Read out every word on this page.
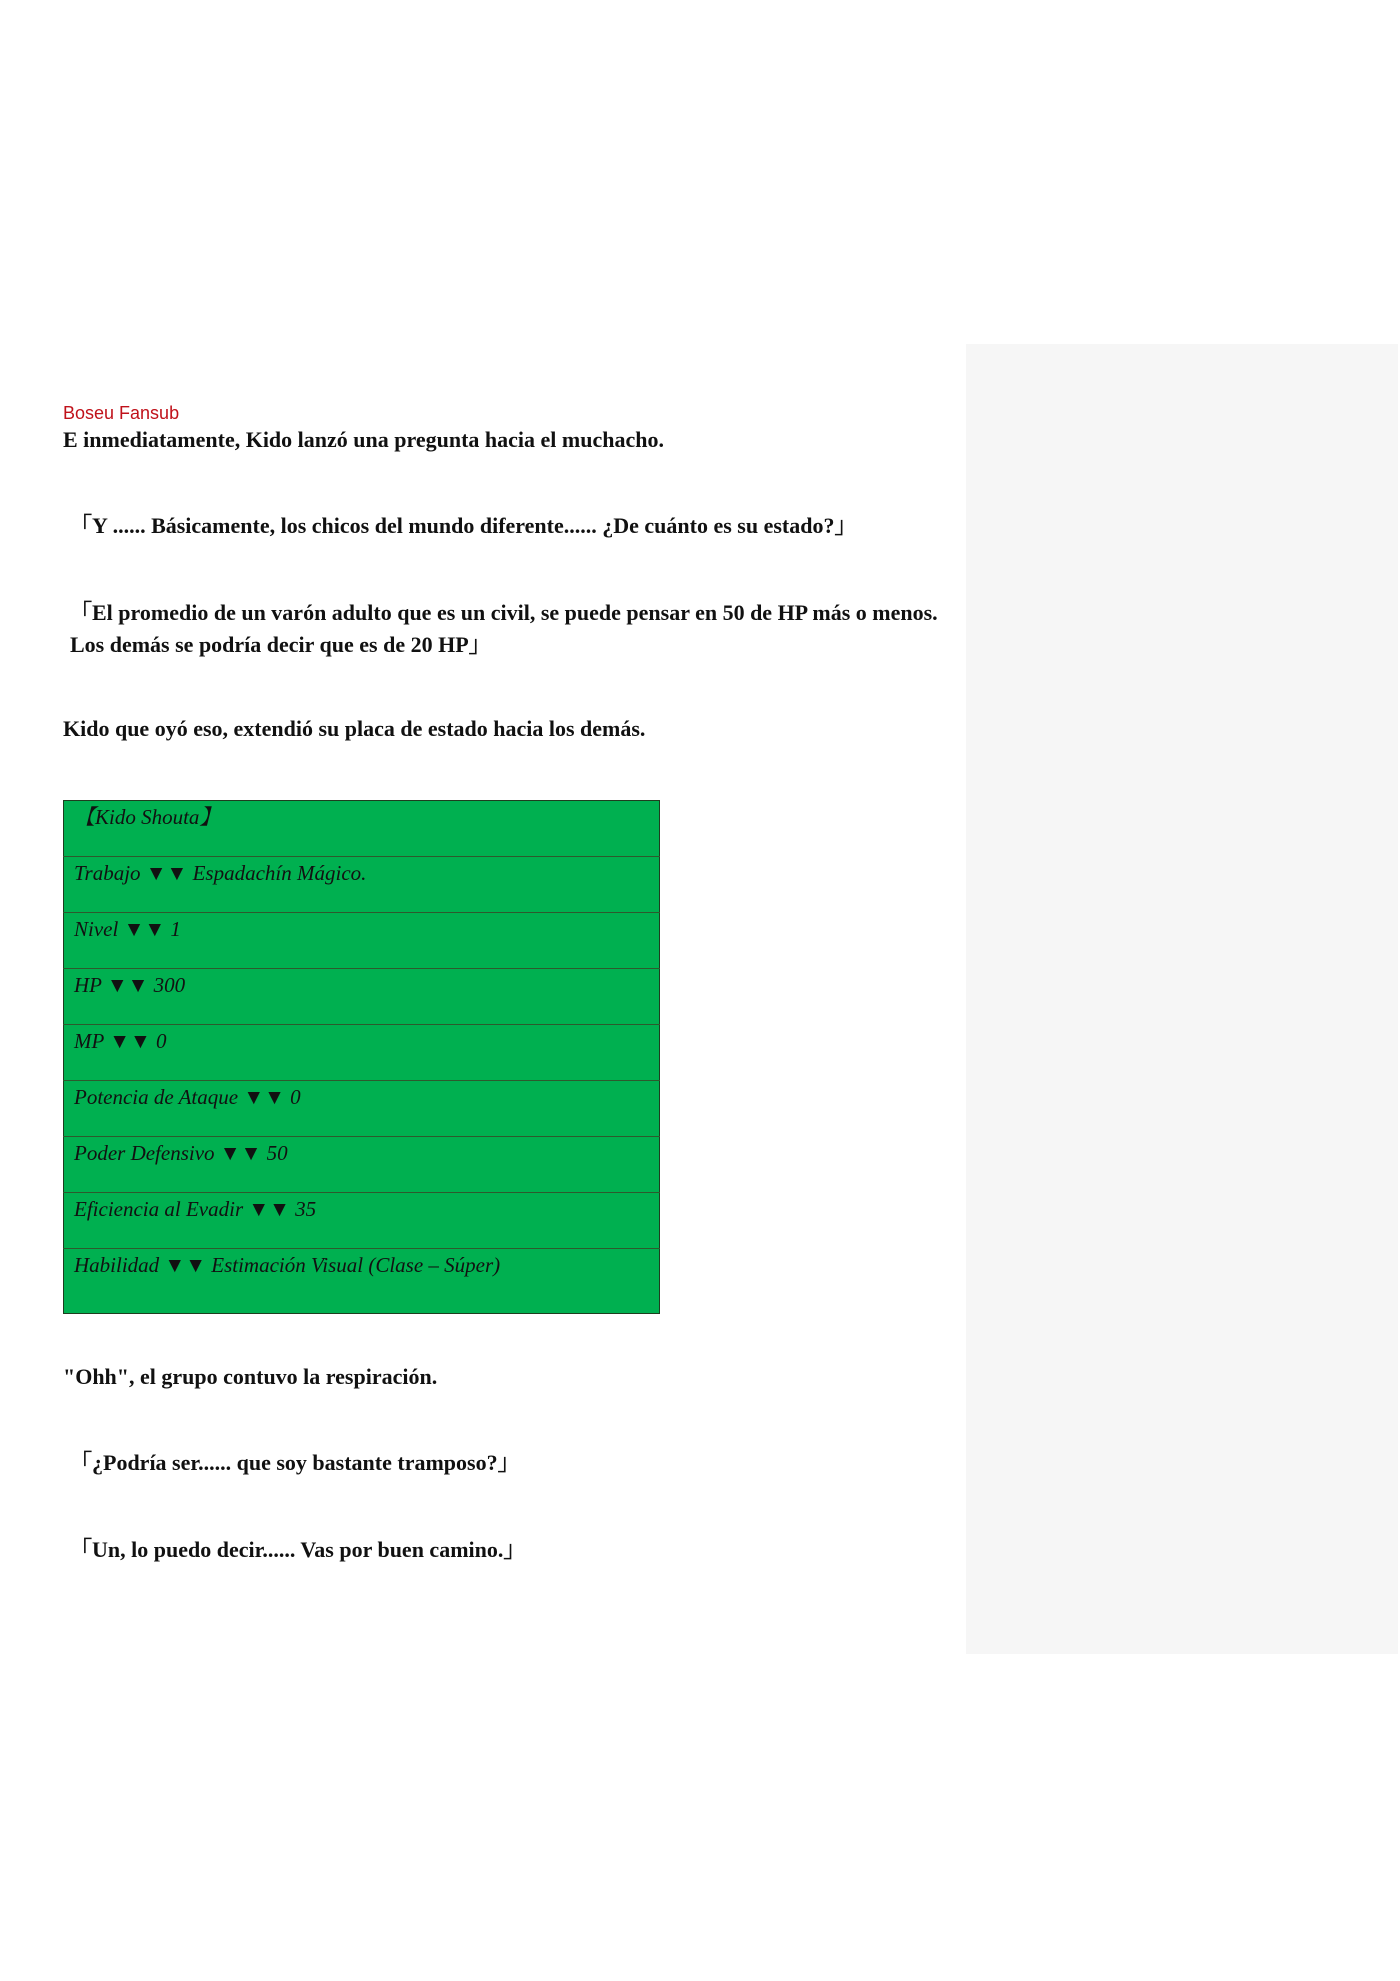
Boseu Fansub

E inmediatamente, Kido lanzó una pregunta hacia el muchacho.

「Y ...... Básicamente, los chicos del mundo diferente...... ¿De cuánto es su estado?」

「El promedio de un varón adulto que es un civil, se puede pensar en 50 de HP más o menos. Los demás se podría decir que es de 20 HP」

Kido que oyó eso, extendió su placa de estado hacia los demás.

【Kido Shouta】
Trabajo ▼▼ Espadachín Mágico.
Nivel ▼▼ 1
HP ▼▼ 300
MP ▼▼ 0
Potencia de Ataque ▼▼ 0
Poder Defensivo ▼▼ 50
Eficiencia al Evadir ▼▼ 35
Habilidad ▼▼ Estimación Visual (Clase – Súper)

"Ohh", el grupo contuvo la respiración.

「¿Podría ser...... que soy bastante tramposo?」

「Un, lo puedo decir...... Vas por buen camino.」
